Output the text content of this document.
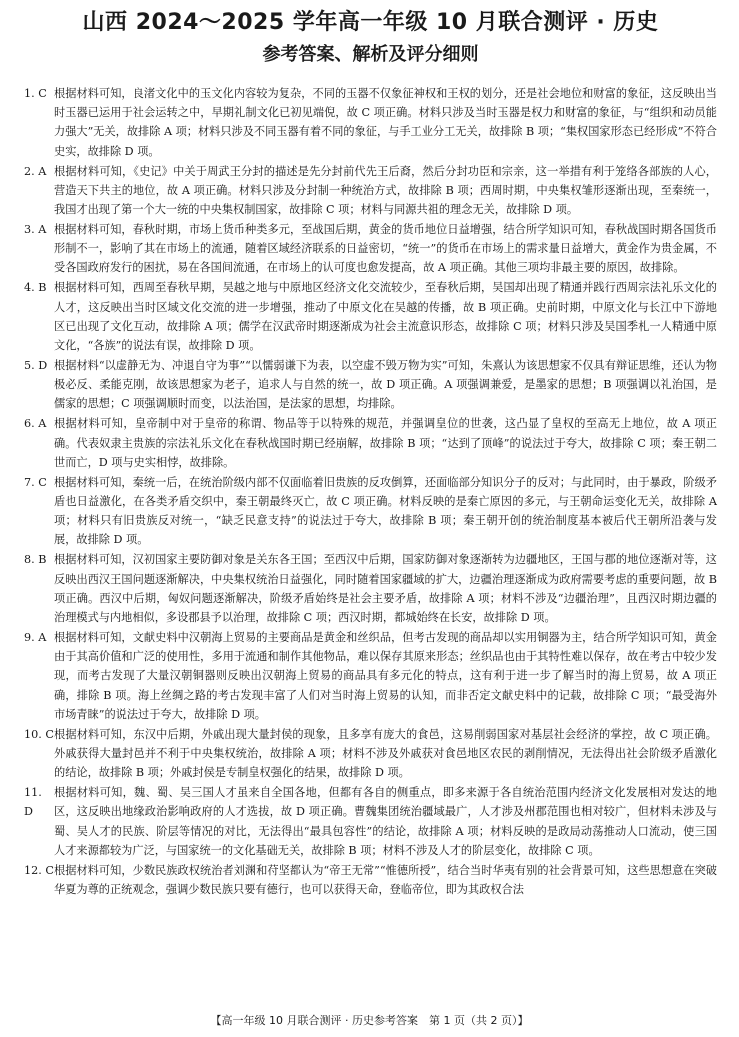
山西 2024～2025 学年高一年级 10 月联合测评 · 历史
参考答案、解析及评分细则
1. C 根据材料可知，良渚文化中的玉文化内容较为复杂，不同的玉器不仅象征神权和王权的划分，还是社会地位和财富的象征，这反映出当时玉器已运用于社会运转之中，早期礼制文化已初见端倪，故 C 项正确。材料只涉及当时玉器是权力和财富的象征，与“组织和动员能力强大”无关，故排除 A 项；材料只涉及不同玉器有着不同的象征，与手工业分工无关，故排除 B 项；“集权国家形态已经形成”不符合史实，故排除 D 项。
2. A 根据材料可知，《史记》中关于周武王分封的描述是先分封前代先王后裔，然后分封功臣和宗亲，这一举措有利于笼络各部族的人心，营造天下共主的地位，故 A 项正确。材料只涉及分封制一种统治方式，故排除 B 项；西周时期，中央集权雏形逐渐出现，至秦统一，我国才出现了第一个大一统的中央集权制国家，故排除 C 项；材料与同源共祖的理念无关，故排除 D 项。
3. A 根据材料可知，春秋时期，市场上货币种类多元，至战国后期，黄金的货币地位日益增强，结合所学知识可知，春秋战国时期各国货币形制不一，影响了其在市场上的流通，随着区域经济联系的日益密切，“统一”的货币在市场上的需求量日益增大，黄金作为贵金属，不受各国政府发行的困扰，易在各国间流通，在市场上的认可度也愈发提高，故 A 项正确。其他三项均非最主要的原因，故排除。
4. B 根据材料可知，西周至春秋早期，吴越之地与中原地区经济文化交流较少，至春秋后期，吴国却出现了精通并践行西周宗法礼乐文化的人才，这反映出当时区域文化交流的进一步增强，推动了中原文化在吴越的传播，故 B 项正确。史前时期，中原文化与长江中下游地区已出现了文化互动，故排除 A 项；儒学在汉武帝时期逐渐成为社会主流意识形态，故排除 C 项；材料只涉及吴国季札一人精通中原文化，“各族”的说法有误，故排除 D 项。
5. D 根据材料“以虚静无为、冲退自守为事”“以懦弱谦下为表，以空虚不毁万物为实”可知，朱熹认为该思想家不仅具有辩证思维，还认为物极必反、柔能克刚，故该思想家为老子，追求人与自然的统一，故 D 项正确。A 项强调兼爱，是墨家的思想；B 项强调以礼治国，是儒家的思想；C 项强调顺时而变，以法治国，是法家的思想，均排除。
6. A 根据材料可知，皇帝制中对于皇帝的称谓、物品等于以特殊的规范，并强调皇位的世袭，这凸显了皇权的至高无上地位，故 A 项正确。代表奴隶主贵族的宗法礼乐文化在春秋战国时期已经崩解，故排除 B 项；“达到了顶峰”的说法过于夸大，故排除 C 项；秦王朝二世而亡，D 项与史实相悖，故排除。
7. C 根据材料可知，秦统一后，在统治阶级内部不仅面临着旧贵族的反攻倒算，还面临部分知识分子的反对；与此同时，由于暴政，阶级矛盾也日益激化，在各类矛盾交织中，秦王朝最终灭亡，故 C 项正确。材料反映的是秦亡原因的多元，与王朝命运变化无关，故排除 A 项；材料只有旧贵族反对统一，“缺乏民意支持”的说法过于夸大，故排除 B 项；秦王朝开创的统治制度基本被后代王朝所沿袭与发展，故排除 D 项。
8. B 根据材料可知，汉初国家主要防御对象是关东各王国；至西汉中后期，国家防御对象逐渐转为边疆地区，王国与郡的地位逐渐对等，这反映出西汉王国问题逐渐解决，中央集权统治日益强化，同时随着国家疆域的扩大，边疆治理逐渐成为政府需要考虑的重要问题，故 B 项正确。西汉中后期，匈奴问题逐渐解决，阶级矛盾始终是社会主要矛盾，故排除 A 项；材料不涉及“边疆治理”，且西汉时期边疆的治理模式与内地相似，多设郡县予以治理，故排除 C 项；西汉时期，都城始终在长安，故排除 D 项。
9. A 根据材料可知，文献史料中汉朝海上贸易的主要商品是黄金和丝织品，但考古发现的商品却以实用铜器为主，结合所学知识可知，黄金由于其高价值和广泛的使用性，多用于流通和制作其他物品，难以保存其原来形态；丝织品也由于其特性难以保存，故在考古中较少发现，而考古发现了大量汉朝铜器则反映出汉朝海上贸易的商品具有多元化的特点，这有利于进一步了解当时的海上贸易，故 A 项正确，排除 B 项。海上丝绸之路的考古发现丰富了人们对当时海上贸易的认知，而非否定文献史料中的记载，故排除 C 项；“最受海外市场青睐”的说法过于夸大，故排除 D 项。
10. C 根据材料可知，东汉中后期，外戚出现大量封侯的现象，且多享有庞大的食邑，这易削弱国家对基层社会经济的掌控，故 C 项正确。外戚获得大量封邑并不利于中央集权统治，故排除 A 项；材料不涉及外戚获对食邑地区农民的剥削情况，无法得出社会阶级矛盾激化的结论，故排除 B 项；外戚封侯是专制皇权强化的结果，故排除 D 项。
11. D
根据材料可知，魏、蜀、吴三国人才虽来自全国各地，但都有各自的侧重点，即多来源于各自统治范围内经济文化发展相对发达的地区，这反映出地缘政治影响政府的人才选拔，故 D 项正确。曹魏集团统治疆域最广，人才涉及州郡范围也相对较广，但材料未涉及与蜀、吴人才的民族、阶层等情况的对比，无法得出“最具包容性”的结论，故排除 A 项；材料反映的是政局动荡推动人口流动，使三国人才来源都较为广泛，与国家统一的文化基础无关，故排除 B 项；材料不涉及人才的阶层变化，故排除 C 项。
12. C 根据材料可知，少数民族政权统治者刘渊和苻坚都认为“帝王无常”“惟德所授”，结合当时华夷有别的社会背景可知，这些思想意在突破华夏为尊的正统观念，强调少数民族只要有德行，也可以获得天命，登临帝位，即为其政权合法
【高一年级 10 月联合测评 · 历史参考答案　第 1 页（共 2 页）】
